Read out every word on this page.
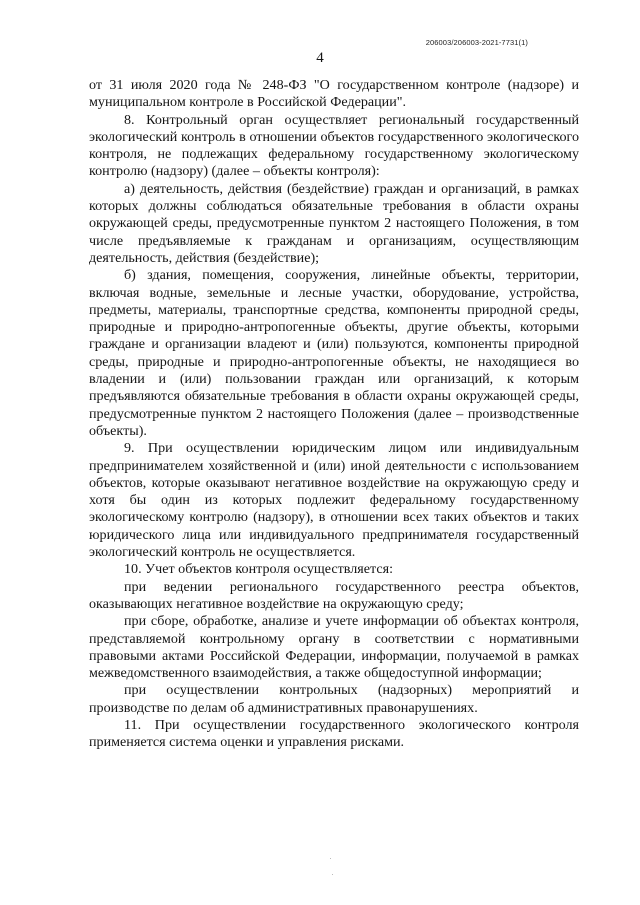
206003/206003-2021-7731(1)
4

от 31 июля 2020 года № 248-ФЗ "О государственном контроле (надзоре) и муниципальном контроле в Российской Федерации".

8. Контрольный орган осуществляет региональный государственный экологический контроль в отношении объектов государственного экологического контроля, не подлежащих федеральному государственному экологическому контролю (надзору) (далее – объекты контроля):

а) деятельность, действия (бездействие) граждан и организаций, в рамках которых должны соблюдаться обязательные требования в области охраны окружающей среды, предусмотренные пунктом 2 настоящего Положения, в том числе предъявляемые к гражданам и организациям, осуществляющим деятельность, действия (бездействие);

б) здания, помещения, сооружения, линейные объекты, территории, включая водные, земельные и лесные участки, оборудование, устройства, предметы, материалы, транспортные средства, компоненты природной среды, природные и природно-антропогенные объекты, другие объекты, которыми граждане и организации владеют и (или) пользуются, компоненты природной среды, природные и природно-антропогенные объекты, не находящиеся во владении и (или) пользовании граждан или организаций, к которым предъявляются обязательные требования в области охраны окружающей среды, предусмотренные пунктом 2 настоящего Положения (далее – производственные объекты).

9. При осуществлении юридическим лицом или индивидуальным предпринимателем хозяйственной и (или) иной деятельности с использованием объектов, которые оказывают негативное воздействие на окружающую среду и хотя бы один из которых подлежит федеральному государственному экологическому контролю (надзору), в отношении всех таких объектов и таких юридического лица или индивидуального предпринимателя государственный экологический контроль не осуществляется.

10. Учет объектов контроля осуществляется:

при ведении регионального государственного реестра объектов, оказывающих негативное воздействие на окружающую среду;

при сборе, обработке, анализе и учете информации об объектах контроля, представляемой контрольному органу в соответствии с нормативными правовыми актами Российской Федерации, информации, получаемой в рамках межведомственного взаимодействия, а также общедоступной информации;

при осуществлении контрольных (надзорных) мероприятий и производстве по делам об административных правонарушениях.

11. При осуществлении государственного экологического контроля применяется система оценки и управления рисками.
